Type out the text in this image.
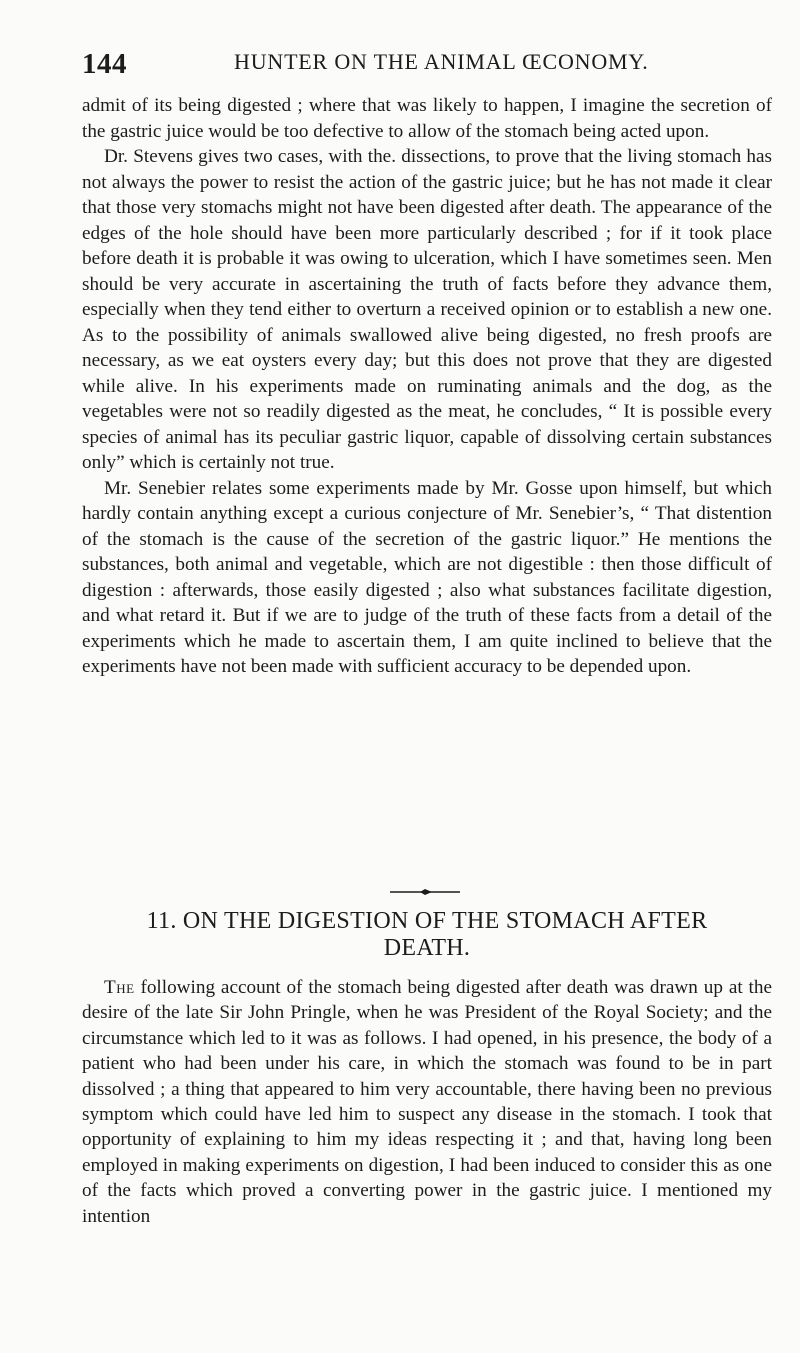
144	HUNTER ON THE ANIMAL ŒCONOMY.

admit of its being digested ; where that was likely to happen, I imagine the secretion of the gastric juice would be too defective to allow of the stomach being acted upon.

Dr. Stevens gives two cases, with the. dissections, to prove that the living stomach has not always the power to resist the action of the gastric juice; but he has not made it clear that those very stomachs might not have been digested after death. The appearance of the edges of the hole should have been more particularly described ; for if it took place before death it is probable it was owing to ulceration, which I have sometimes seen. Men should be very accurate in ascertaining the truth of facts before they advance them, especially when they tend either to overturn a received opinion or to establish a new one. As to the possibility of animals swallowed alive being digested, no fresh proofs are necessary, as we eat oysters every day; but this does not prove that they are digested while alive. In his experiments made on ruminating animals and the dog, as the vegetables were not so readily digested as the meat, he concludes, “ It is possible every species of animal has its peculiar gastric liquor, capable of dissolving certain substances only” which is certainly not true.

Mr. Senebier relates some experiments made by Mr. Gosse upon himself, but which hardly contain anything except a curious conjecture of Mr. Senebier’s, “ That distention of the stomach is the cause of the secretion of the gastric liquor.” He mentions the substances, both animal and vegetable, which are not digestible : then those difficult of digestion : afterwards, those easily digested ; also what substances facilitate digestion, and what retard it. But if we are to judge of the truth of these facts from a detail of the experiments which he made to ascertain them, I am quite inclined to believe that the experiments have not been made with sufficient accuracy to be depended upon.

11. ON THE DIGESTION OF THE STOMACH AFTER
DEATH.

The following account of the stomach being digested after death was drawn up at the desire of the late Sir John Pringle, when he was President of the Royal Society; and the circumstance which led to it was as follows. I had opened, in his presence, the body of a patient who had been under his care, in which the stomach was found to be in part dissolved ; a thing that appeared to him very accountable, there having been no previous symptom which could have led him to suspect any disease in the stomach. I took that opportunity of explaining to him my ideas respecting it ; and that, having long been employed in making experiments on digestion, I had been induced to consider this as one of the facts which proved a converting power in the gastric juice. I mentioned my intention
